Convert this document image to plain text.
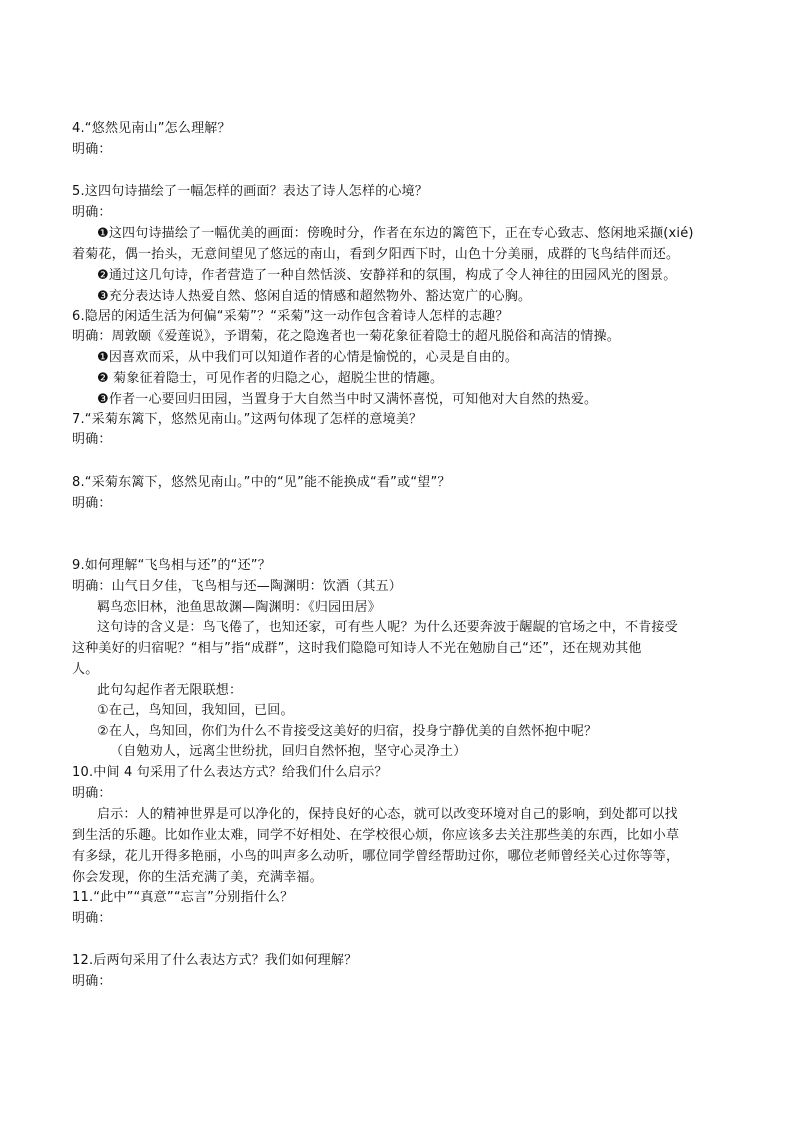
4.“悠然见南山”怎么理解？
明确：
5.这四句诗描绘了一幅怎样的画面？表达了诗人怎样的心境？
明确：
❶这四句诗描绘了一幅优美的画面：傍晚时分，作者在东边的篱笆下，正在专心致志、悠闲地采撷(xié)
着菊花，偶一抬头，无意间望见了悠远的南山，看到夕阳西下时，山色十分美丽，成群的飞鸟结伴而还。
❷通过这几句诗，作者营造了一种自然恬淡、安静祥和的氛围，构成了令人神往的田园风光的图景。
❸充分表达诗人热爱自然、悠闲自适的情感和超然物外、豁达宽广的心胸。
6.隐居的闲适生活为何偏“采菊”？“采菊”这一动作包含着诗人怎样的志趣？
明确：周敦颐《爱莲说》，予谓菊，花之隐逸者也一菊花象征着隐士的超凡脱俗和高洁的情操。
❶因喜欢而采，从中我们可以知道作者的心情是愉悦的，心灵是自由的。
❷ 菊象征着隐士，可见作者的归隐之心，超脱尘世的情趣。
❸作者一心要回归田园，当置身于大自然当中时又满怀喜悦，可知他对大自然的热爱。
7.“采菊东篱下，悠然见南山。”这两句体现了怎样的意境美？
明确：
8.“采菊东篱下，悠然见南山。”中的“见”能不能换成“看”或“望”？
明确：
9.如何理解“飞鸟相与还”的“还”？
明确：山气日夕佳，飞鸟相与还—陶渊明：饮酒（其五）
羁鸟恋旧林，池鱼思故渊—陶渊明：《归园田居》
这句诗的含义是：鸟飞倦了，也知还家，可有些人呢？为什么还要奔波于龌龊的官场之中，不肯接受
这种美好的归宿呢？“相与”指“成群”，这时我们隐隐可知诗人不光在勉励自己“还”，还在规劝其他
人。
此句勾起作者无限联想：
①在己，鸟知回，我知回，已回。
②在人，鸟知回，你们为什么不肯接受这美好的归宿，投身宁静优美的自然怀抱中呢？
（自勉劝人，远离尘世纷扰，回归自然怀抱，坚守心灵净土）
10.中间 4 句采用了什么表达方式？给我们什么启示？
明确：
启示：人的精神世界是可以净化的，保持良好的心态，就可以改变环境对自己的影响，到处都可以找
到生活的乐趣。比如作业太难，同学不好相处、在学校很心烦，你应该多去关注那些美的东西，比如小草
有多绿，花儿开得多艳丽，小鸟的叫声多么动听，哪位同学曾经帮助过你，哪位老师曾经关心过你等等，
你会发现，你的生活充满了美，充满幸福。
11.“此中”“真意”“忘言”分别指什么？
明确：
12.后两句采用了什么表达方式？我们如何理解？
明确：
